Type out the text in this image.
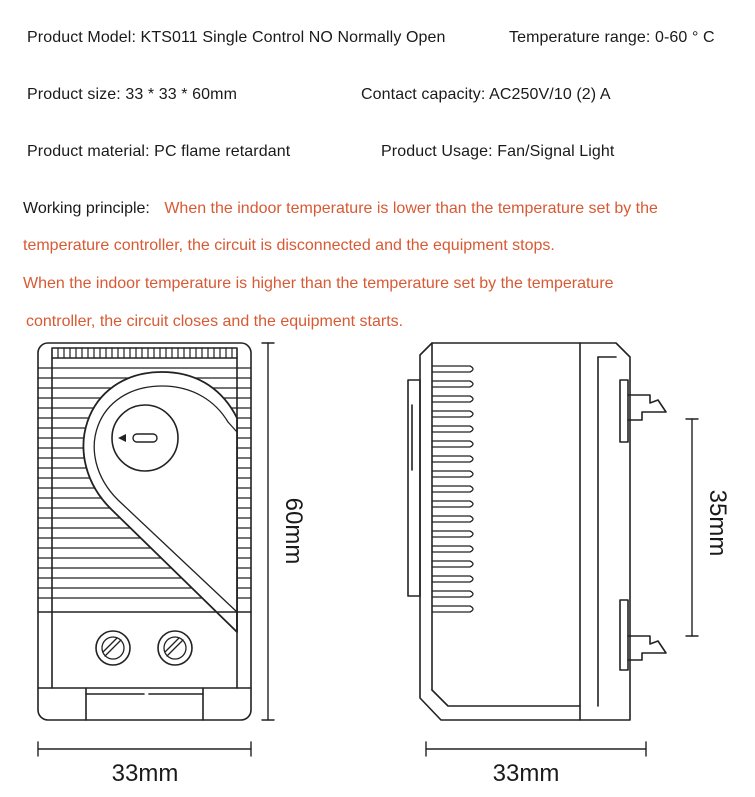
Product Model: KTS011 Single Control NO Normally Open	Temperature range: 0-60 ° C
Product size: 33 * 33 * 60mm	Contact capacity: AC250V/10 (2) A
Product material: PC flame retardant	Product Usage: Fan/Signal Light
Working principle: When the indoor temperature is lower than the temperature set by the
temperature controller, the circuit is disconnected and the equipment stops.
When the indoor temperature is higher than the temperature set by the temperature
controller, the circuit closes and the equipment starts.
60mm
33mm	33mm
35mm
